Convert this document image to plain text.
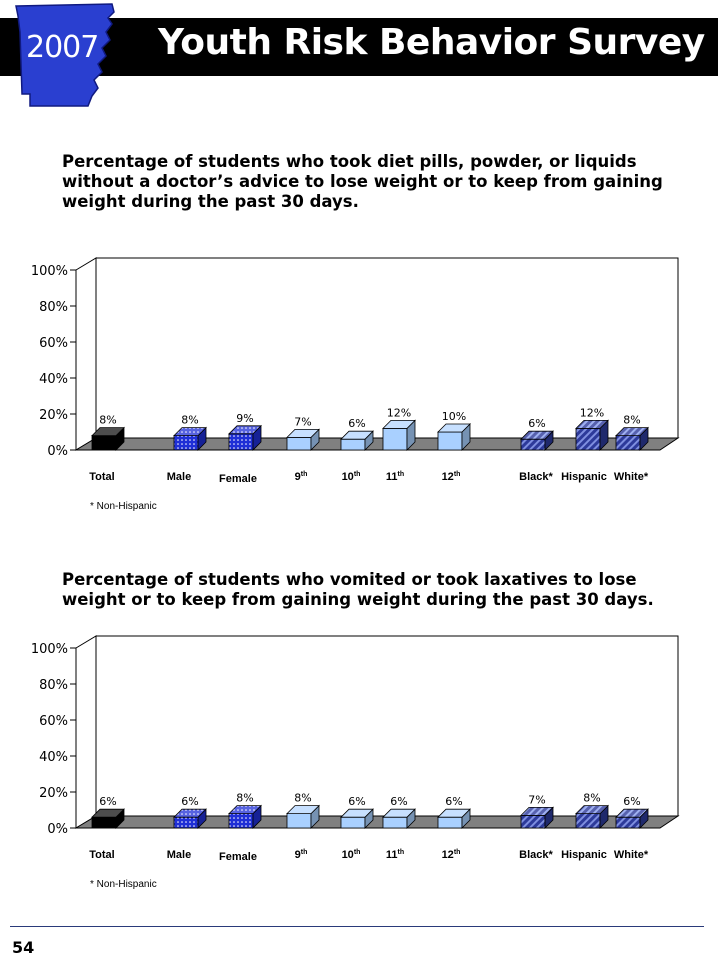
2007 Youth Risk Behavior Survey
Percentage of students who took diet pills, powder, or liquids without a doctor’s advice to lose weight or to keep from gaining weight during the past 30 days.
0%
20%
40%
60%
80%
100%
8%	8%	9%	7%	6%
12%	10%
6%
12%
8%
Total	Male	Female	9th	10th 11th	12th	Black* Hispanic White*
* Non-Hispanic
Percentage of students who vomited or took laxatives to lose weight or to keep from gaining weight during the past 30 days.
0%
20%
40%
60%
80%
100%
6%	6%	8%	8%	6% 6%	6%	7%	8% 6%
Total	Male	Female	9th	10th 11th	12th	Black* Hispanic White*
* Non-Hispanic
54
